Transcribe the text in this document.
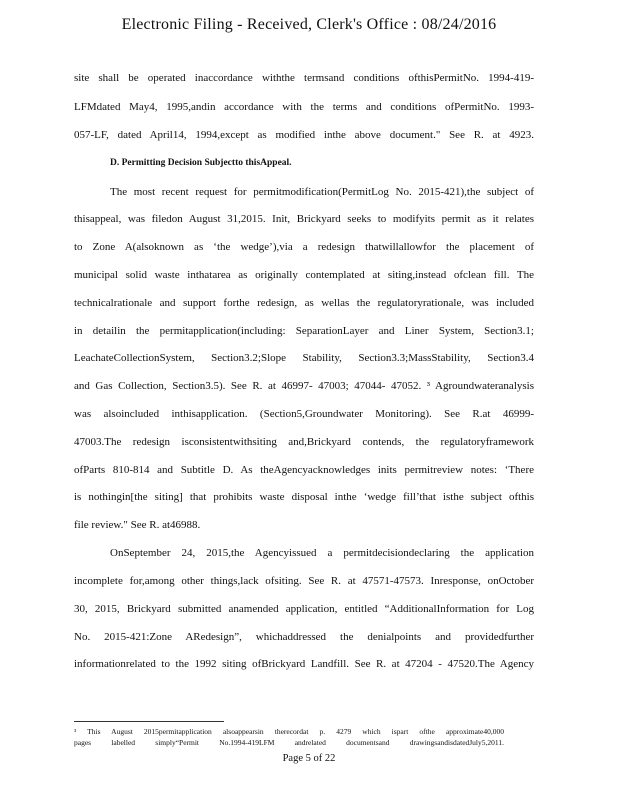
Electronic Filing - Received, Clerk's Office : 08/24/2016
site shall be operated inaccordance withthe termsand conditions ofthisPermitNo. 1994-419-
LFMdated May4, 1995,andin accordance with the terms and conditions ofPermitNo. 1993-
057-LF, dated April14, 1994,except as modified inthe above document." See R. at 4923.
D. Permitting Decision Subjectto thisAppeal.
The most recent request for permitmodification(PermitLog No. 2015-421),the subject of
thisappeal, was filedon August 31,2015. Init, Brickyard seeks to modifyits permit as it relates
to Zone A(alsoknown as ‘the wedge’),via a redesign thatwillallowfor the placement of
municipal solid waste inthatarea as originally contemplated at siting,instead ofclean fill. The
technicalrationale and support forthe redesign, as wellas the regulatoryrationale, was included
in detailin the permitapplication(including: SeparationLayer and Liner System, Section3.1;
LeachateCollectionSystem, Section3.2;Slope Stability, Section3.3;MassStability, Section3.4
and Gas Collection, Section3.5). See R. at 46997- 47003; 47044- 47052. ³ Agroundwateranalysis
was alsoincluded inthisapplication. (Section5,Groundwater Monitoring). See R.at 46999-
47003.The redesign isconsistentwithsiting and,Brickyard contends, the regulatoryframework
ofParts 810-814 and Subtitle D. As theAgencyacknowledges inits permitreview notes: ‘There
is nothingin[the siting] that prohibits waste disposal inthe ‘wedge fill’that isthe subject ofthis
file review." See R. at46988.
OnSeptember 24, 2015,the Agencyissued a permitdecisiondeclaring the application
incomplete for,among other things,lack ofsiting. See R. at 47571-47573. Inresponse, onOctober
30, 2015, Brickyard submitted anamended application, entitled “AdditionalInformation for Log
No. 2015-421:Zone ARedesign”, whichaddressed the denialpoints and providedfurther
informationrelated to the 1992 siting ofBrickyard Landfill. See R. at 47204 - 47520.The Agency
³ This August 2015permitapplication alsoappearsin therecordat p. 4279 which ispart ofthe approximate40,000
pages labelled simply“Permit No.1994-419LFM andrelated documentsand drawingsandisdatedJuly5,2011.
Page 5 of 22
